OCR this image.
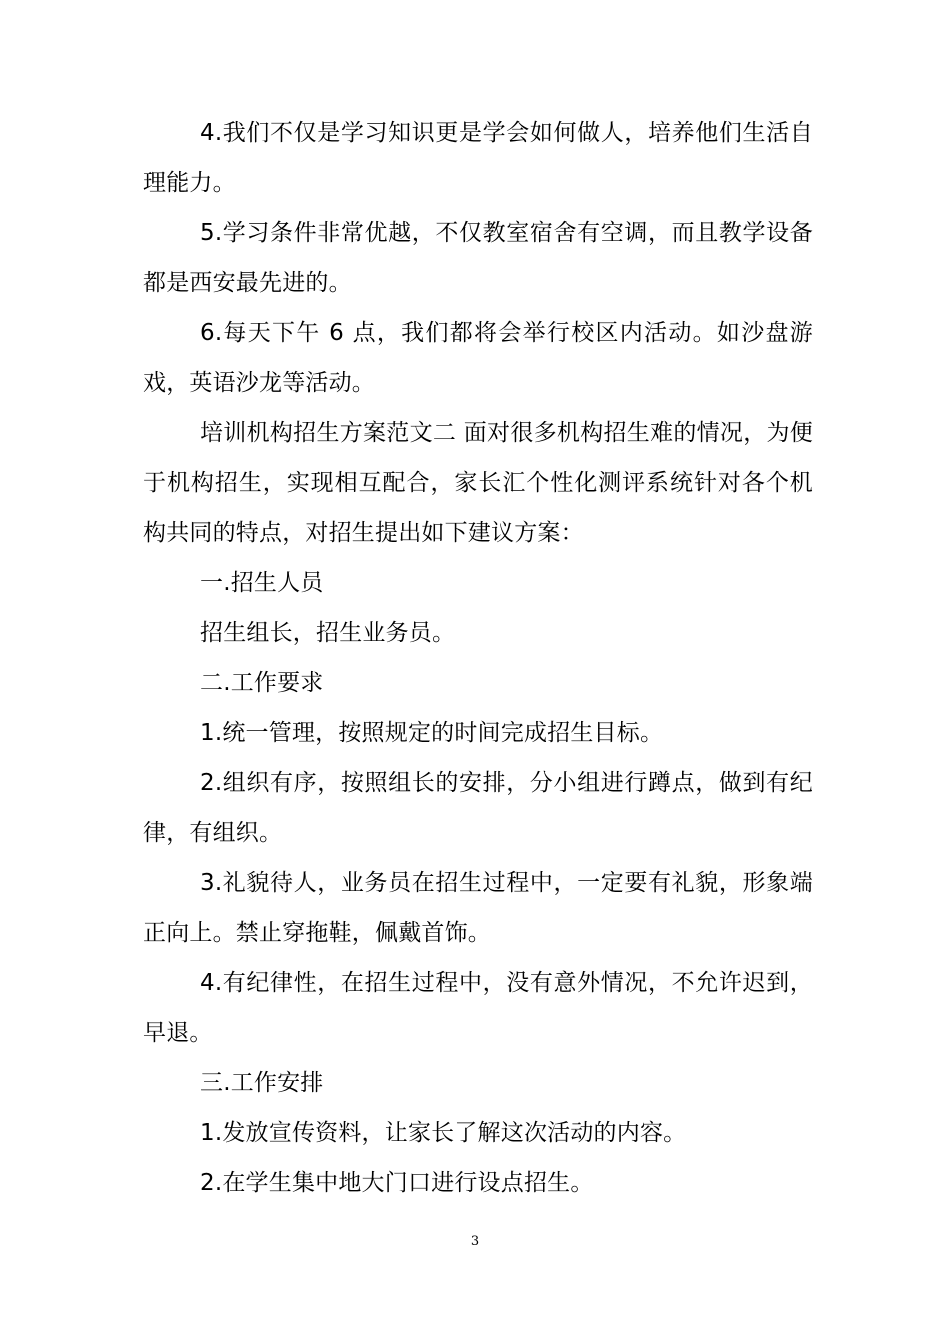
4.我们不仅是学习知识更是学会如何做人，培养他们生活自理能力。

5.学习条件非常优越，不仅教室宿舍有空调，而且教学设备都是西安最先进的。

6.每天下午 6 点，我们都将会举行校区内活动。如沙盘游戏，英语沙龙等活动。

培训机构招生方案范文二 面对很多机构招生难的情况，为便于机构招生，实现相互配合，家长汇个性化测评系统针对各个机构共同的特点，对招生提出如下建议方案：

一.招生人员

招生组长，招生业务员。

二.工作要求

1.统一管理，按照规定的时间完成招生目标。

2.组织有序，按照组长的安排，分小组进行蹲点，做到有纪律，有组织。

3.礼貌待人，业务员在招生过程中，一定要有礼貌，形象端正向上。禁止穿拖鞋，佩戴首饰。

4.有纪律性，在招生过程中，没有意外情况，不允许迟到，早退。

三.工作安排

1.发放宣传资料，让家长了解这次活动的内容。

2.在学生集中地大门口进行设点招生。

3
